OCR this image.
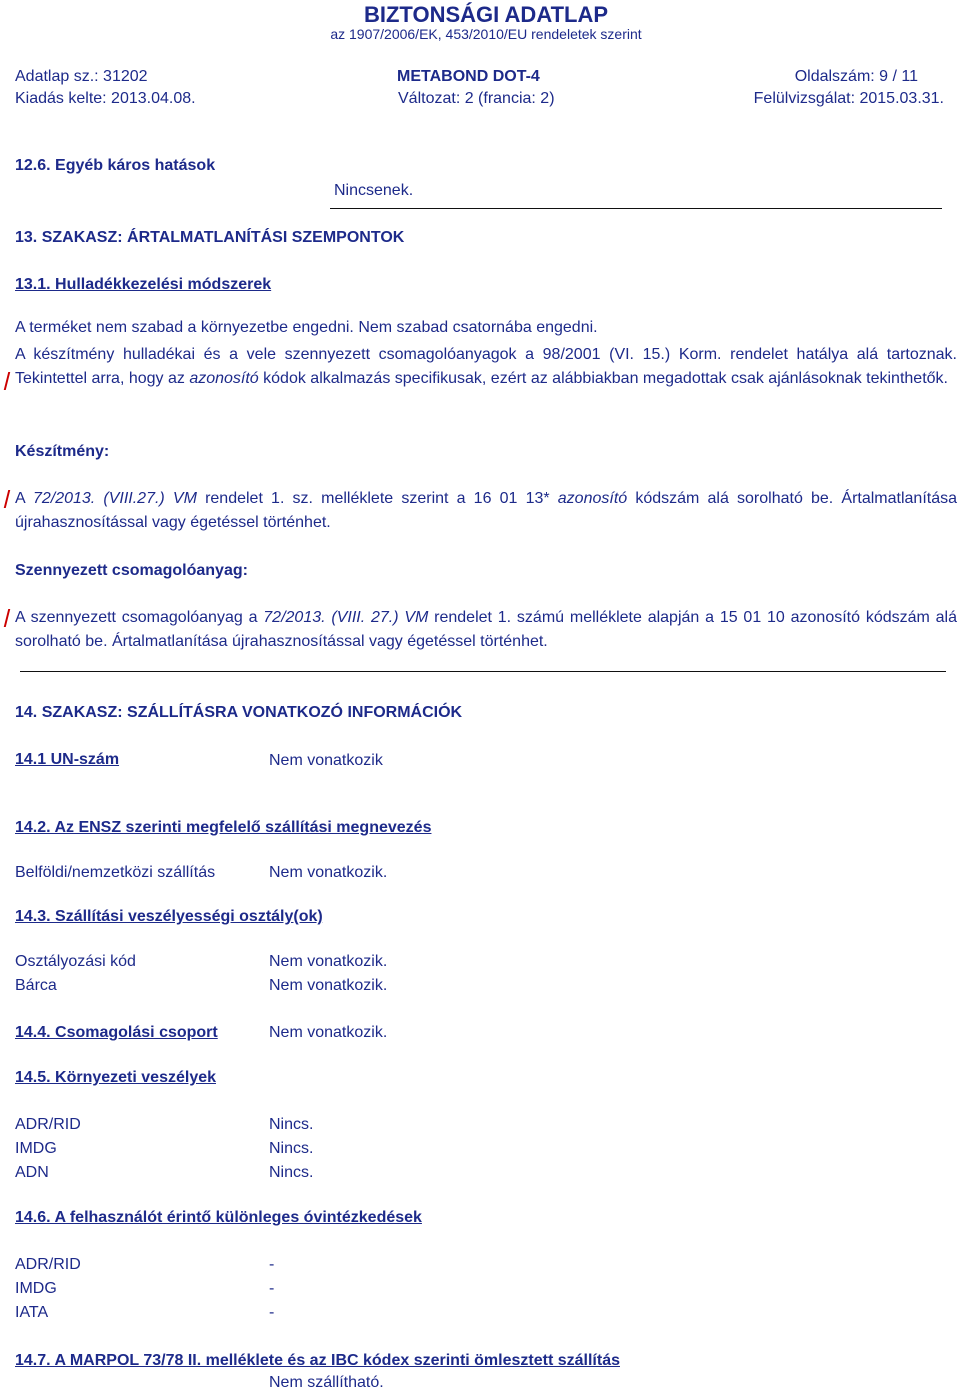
BIZTONSÁGI ADATLAP
az 1907/2006/EK, 453/2010/EU rendeletek szerint
Adatlap sz.: 31202	METABOND DOT-4	Oldalszám: 9 / 11
Kiadás kelte: 2013.04.08.	Változat: 2 (francia: 2)	Felülvizsgálat: 2015.03.31.
12.6. Egyéb káros hatások
Nincsenek.
13. SZAKASZ: ÁRTALMATLANÍTÁSI SZEMPONTOK
13.1. Hulladékkezelési módszerek
A terméket nem szabad a környezetbe engedni. Nem szabad csatornába engedni.
A készítmény hulladékai és a vele szennyezett csomagolóanyagok a 98/2001 (VI. 15.) Korm. rendelet hatálya alá tartoznak. Tekintettel arra, hogy az azonosító kódok alkalmazás specifikusak, ezért az alábbiakban megadottak csak ajánlásoknak tekinthetők.
Készítmény:
A 72/2013. (VIII.27.) VM rendelet 1. sz. melléklete szerint a 16 01 13* azonosító kódszám alá sorolható be. Ártalmatlanítása újrahasznosítással vagy égetéssel történhet.
Szennyezett csomagolóanyag:
A szennyezett csomagolóanyag a 72/2013. (VIII. 27.) VM rendelet 1. számú melléklete alapján a 15 01 10 azonosító kódszám alá sorolható be. Ártalmatlanítása újrahasznosítással vagy égetéssel történhet.
14. SZAKASZ: SZÁLLÍTÁSRA VONATKOZÓ INFORMÁCIÓK
14.1 UN-szám	Nem vonatkozik
14.2. Az ENSZ szerinti megfelelő szállítási megnevezés
Belföldi/nemzetközi szállítás	Nem vonatkozik.
14.3. Szállítási veszélyességi osztály(ok)
Osztályozási kód	Nem vonatkozik.
Bárca	Nem vonatkozik.
14.4. Csomagolási csoport	Nem vonatkozik.
14.5. Környezeti veszélyek
ADR/RID	Nincs.
IMDG	Nincs.
ADN	Nincs.
14.6. A felhasználót érintő különleges óvintézkedések
ADR/RID	-
IMDG	-
IATA	-
14.7. A MARPOL 73/78 II. melléklete és az IBC kódex szerinti ömlesztett szállítás
Nem szállítható.
